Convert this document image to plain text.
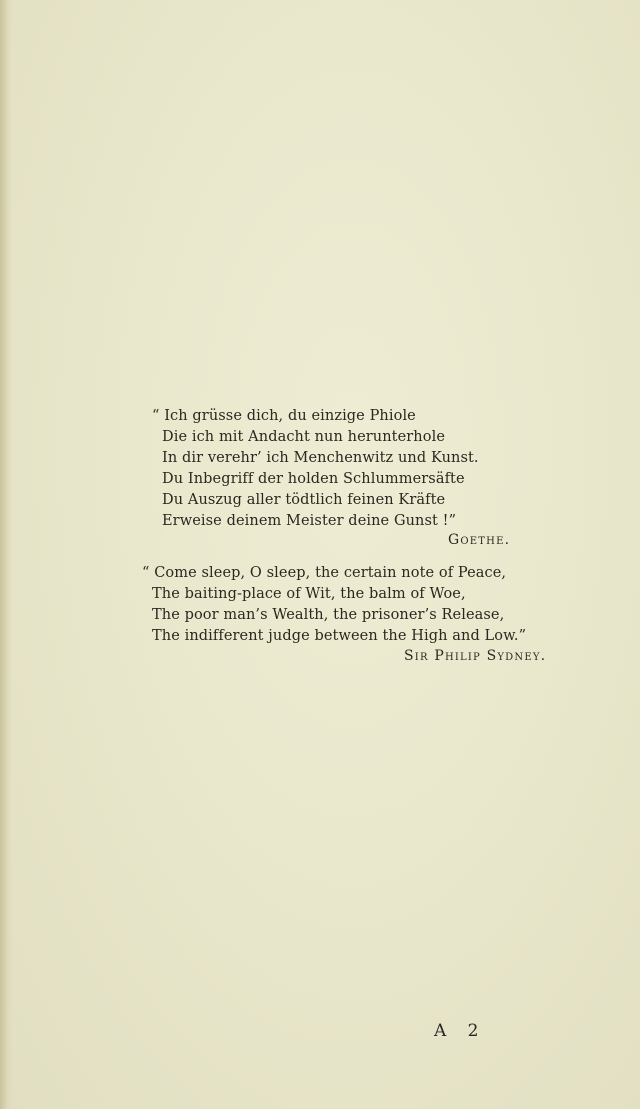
“ Ich grüsse dich, du einzige Phiole
Die ich mit Andacht nun herunterhole
In dir verehr’ ich Menchenwitz und Kunst.
Du Inbegriff der holden Schlummersäfte
Du Auszug aller tödtlich feinen Kräfte
Erweise deinem Meister deine Gunst !”
Goethe.
“ Come sleep, O sleep, the certain note of Peace,
The baiting-place of Wit, the balm of Woe,
The poor man’s Wealth, the prisoner’s Release,
The indifferent judge between the High and Low.”
Sir Philip Sydney.
A 2
